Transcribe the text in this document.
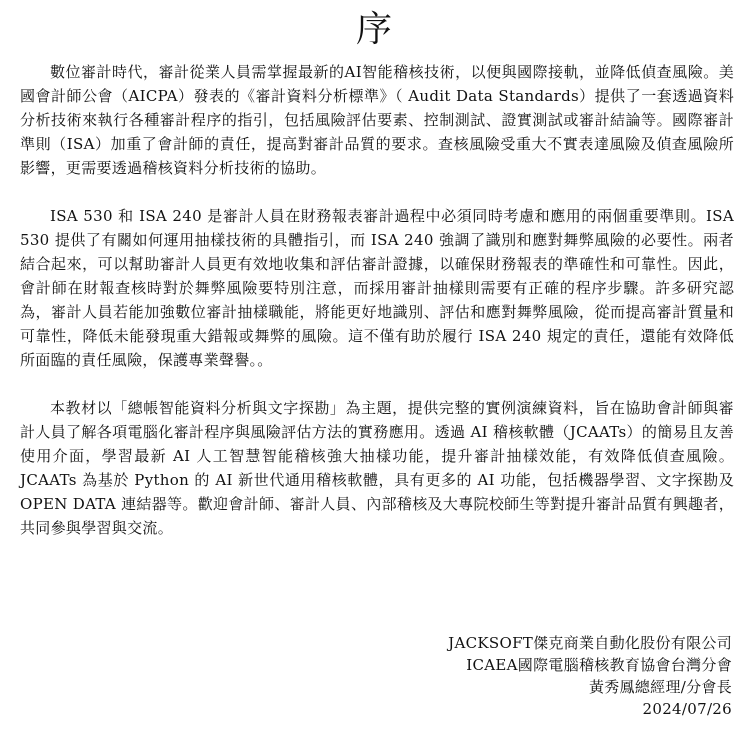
序

數位審計時代，審計從業人員需掌握最新的AI智能稽核技術，以便與國際接軌，並降低偵查風險。美國會計師公會（AICPA）發表的《審計資料分析標準》（ Audit Data Standards）提供了一套透過資料分析技術來執行各種審計程序的指引，包括風險評估要素、控制測試、證實測試或審計結論等。國際審計準則（ISA）加重了會計師的責任，提高對審計品質的要求。查核風險受重大不實表達風險及偵查風險所影響，更需要透過稽核資料分析技術的協助。

ISA 530 和 ISA 240 是審計人員在財務報表審計過程中必須同時考慮和應用的兩個重要準則。ISA 530 提供了有關如何運用抽樣技術的具體指引，而 ISA 240 強調了識別和應對舞弊風險的必要性。兩者結合起來，可以幫助審計人員更有效地收集和評估審計證據，以確保財務報表的準確性和可靠性。因此，會計師在財報查核時對於舞弊風險要特別注意，而採用審計抽樣則需要有正確的程序步驟。許多研究認為，審計人員若能加強數位審計抽樣職能，將能更好地識別、評估和應對舞弊風險，從而提高審計質量和可靠性，降低未能發現重大錯報或舞弊的風險。這不僅有助於履行 ISA 240 規定的責任，還能有效降低所面臨的責任風險，保護專業聲譽。。

本教材以「總帳智能資料分析與文字探勘」為主題，提供完整的實例演練資料，旨在協助會計師與審計人員了解各項電腦化審計程序與風險評估方法的實務應用。透過 AI 稽核軟體（JCAATs）的簡易且友善使用介面，學習最新 AI 人工智慧智能稽核強大抽樣功能，提升審計抽樣效能，有效降低偵查風險。JCAATs 為基於 Python 的 AI 新世代通用稽核軟體，具有更多的 AI 功能，包括機器學習、文字探勘及 OPEN DATA 連結器等。歡迎會計師、審計人員、內部稽核及大專院校師生等對提升審計品質有興趣者，共同參與學習與交流。

JACKSOFT傑克商業自動化股份有限公司
ICAEA國際電腦稽核教育協會台灣分會
黃秀鳳總經理/分會長
2024/07/26
